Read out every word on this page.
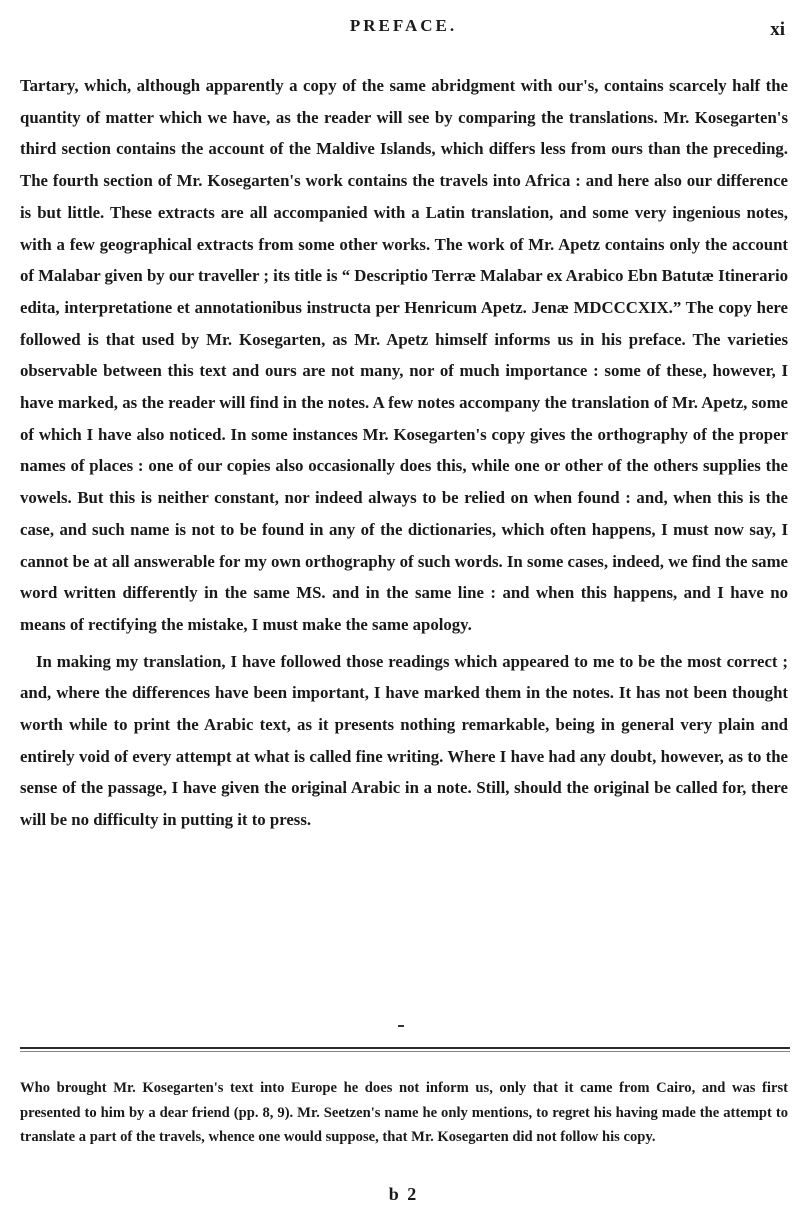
PREFACE.	xi

Tartary, which, although apparently a copy of the same abridgment with our's, contains scarcely half the quantity of matter which we have, as the reader will see by comparing the translations. Mr. Kosegarten's third section contains the account of the Maldive Islands, which differs less from ours than the preceding. The fourth section of Mr. Kosegarten's work contains the travels into Africa : and here also our difference is but little. These extracts are all accompanied with a Latin translation, and some very ingenious notes, with a few geographical extracts from some other works. The work of Mr. Apetz contains only the account of Malabar given by our traveller ; its title is “ Descriptio Terræ Malabar ex Arabico Ebn Batutæ Itinerario edita, interpretatione et annotationibus instructa per Henricum Apetz. Jenæ MDCCCXIX.” The copy here followed is that used by Mr. Kosegarten, as Mr. Apetz himself informs us in his preface. The varieties observable between this text and ours are not many, nor of much importance : some of these, however, I have marked, as the reader will find in the notes. A few notes accompany the translation of Mr. Apetz, some of which I have also noticed. In some instances Mr. Kosegarten's copy gives the orthography of the proper names of places : one of our copies also occasionally does this, while one or other of the others supplies the vowels. But this is neither constant, nor indeed always to be relied on when found : and, when this is the case, and such name is not to be found in any of the dictionaries, which often happens, I must now say, I cannot be at all answerable for my own orthography of such words. In some cases, indeed, we find the same word written differently in the same MS. and in the same line : and when this happens, and I have no means of rectifying the mistake, I must make the same apology.

In making my translation, I have followed those readings which appeared to me to be the most correct ; and, where the differences have been important, I have marked them in the notes. It has not been thought worth while to print the Arabic text, as it presents nothing remarkable, being in general very plain and entirely void of every attempt at what is called fine writing. Where I have had any doubt, however, as to the sense of the passage, I have given the original Arabic in a note. Still, should the original be called for, there will be no difficulty in putting it to press.

Who brought Mr. Kosegarten's text into Europe he does not inform us, only that it came from Cairo, and was first presented to him by a dear friend (pp. 8, 9). Mr. Seetzen's name he only mentions, to regret his having made the attempt to translate a part of the travels, whence one would suppose, that Mr. Kosegarten did not follow his copy.
b 2
